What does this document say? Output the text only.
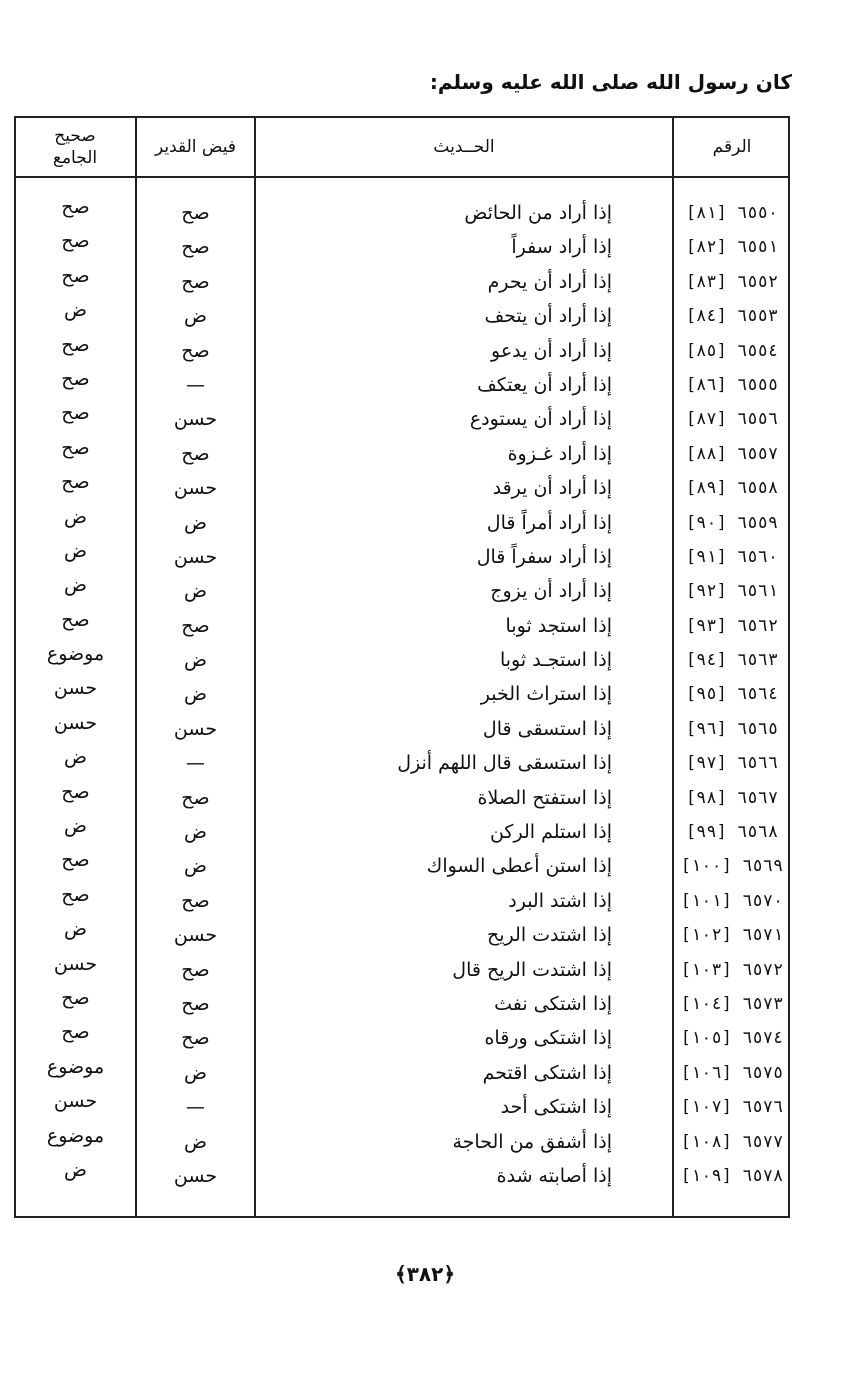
كان رسول الله صلى الله عليه وسلم:
صحيح الجامع
فيض القدير	الحــديث	الرقم
٦٥٥٠ [٨١]
إذا أراد من الحائض
صح
صح
٦٥٥١ [٨٢]
إذا أراد سفراً
صح
صح
٦٥٥٢ [٨٣]
إذا أراد أن يحرم
صح
صح
٦٥٥٣ [٨٤]
إذا أراد أن يتحف
ض
ض
٦٥٥٤ [٨٥]
إذا أراد أن يدعو
صح
صح
٦٥٥٥ [٨٦]
إذا أراد أن يعتكف
—
صح
٦٥٥٦ [٨٧]
إذا أراد أن يستودع
حسن
صح
٦٥٥٧ [٨٨]
إذا أراد غـزوة
صح
صح
٦٥٥٨ [٨٩]
إذا أراد أن يرقد
حسن
صح
٦٥٥٩ [٩٠]
إذا أراد أمراً قال
ض
ض
٦٥٦٠ [٩١]
إذا أراد سفراً قال
حسن
ض
٦٥٦١ [٩٢]
إذا أراد أن يزوج
ض
ض
٦٥٦٢ [٩٣]
إذا استجد ثوبا
صح
صح
٦٥٦٣ [٩٤]
إذا استجـد ثوبا
ض
موضوع
٦٥٦٤ [٩٥]
إذا استراث الخبر
ض
حسن
٦٥٦٥ [٩٦]
إذا استسقى قال
حسن
حسن
٦٥٦٦ [٩٧]
إذا استسقى قال اللهم أنزل
—
ض
٦٥٦٧ [٩٨]
إذا استفتح الصلاة
صح
صح
٦٥٦٨ [٩٩]
إذا استلم الركن
ض
ض
٦٥٦٩ [١٠٠]
إذا استن أعطى السواك
ض
صح
٦٥٧٠ [١٠١]
إذا اشتد البرد
صح
صح
٦٥٧١ [١٠٢]
إذا اشتدت الريح
حسن
ض
٦٥٧٢ [١٠٣]
إذا اشتدت الريح قال
صح
حسن
٦٥٧٣ [١٠٤]
إذا اشتكى نفث
صح
صح
٦٥٧٤ [١٠٥]
إذا اشتكى ورقاه
صح
صح
٦٥٧٥ [١٠٦]
إذا اشتكى اقتحم
ض
موضوع
٦٥٧٦ [١٠٧]
إذا اشتكى أحد
—
حسن
٦٥٧٧ [١٠٨]
إذا أشفق من الحاجة
ض
موضوع
٦٥٧٨ [١٠٩]
إذا أصابته شدة
حسن
ض
﴿٣٨٢﴾
